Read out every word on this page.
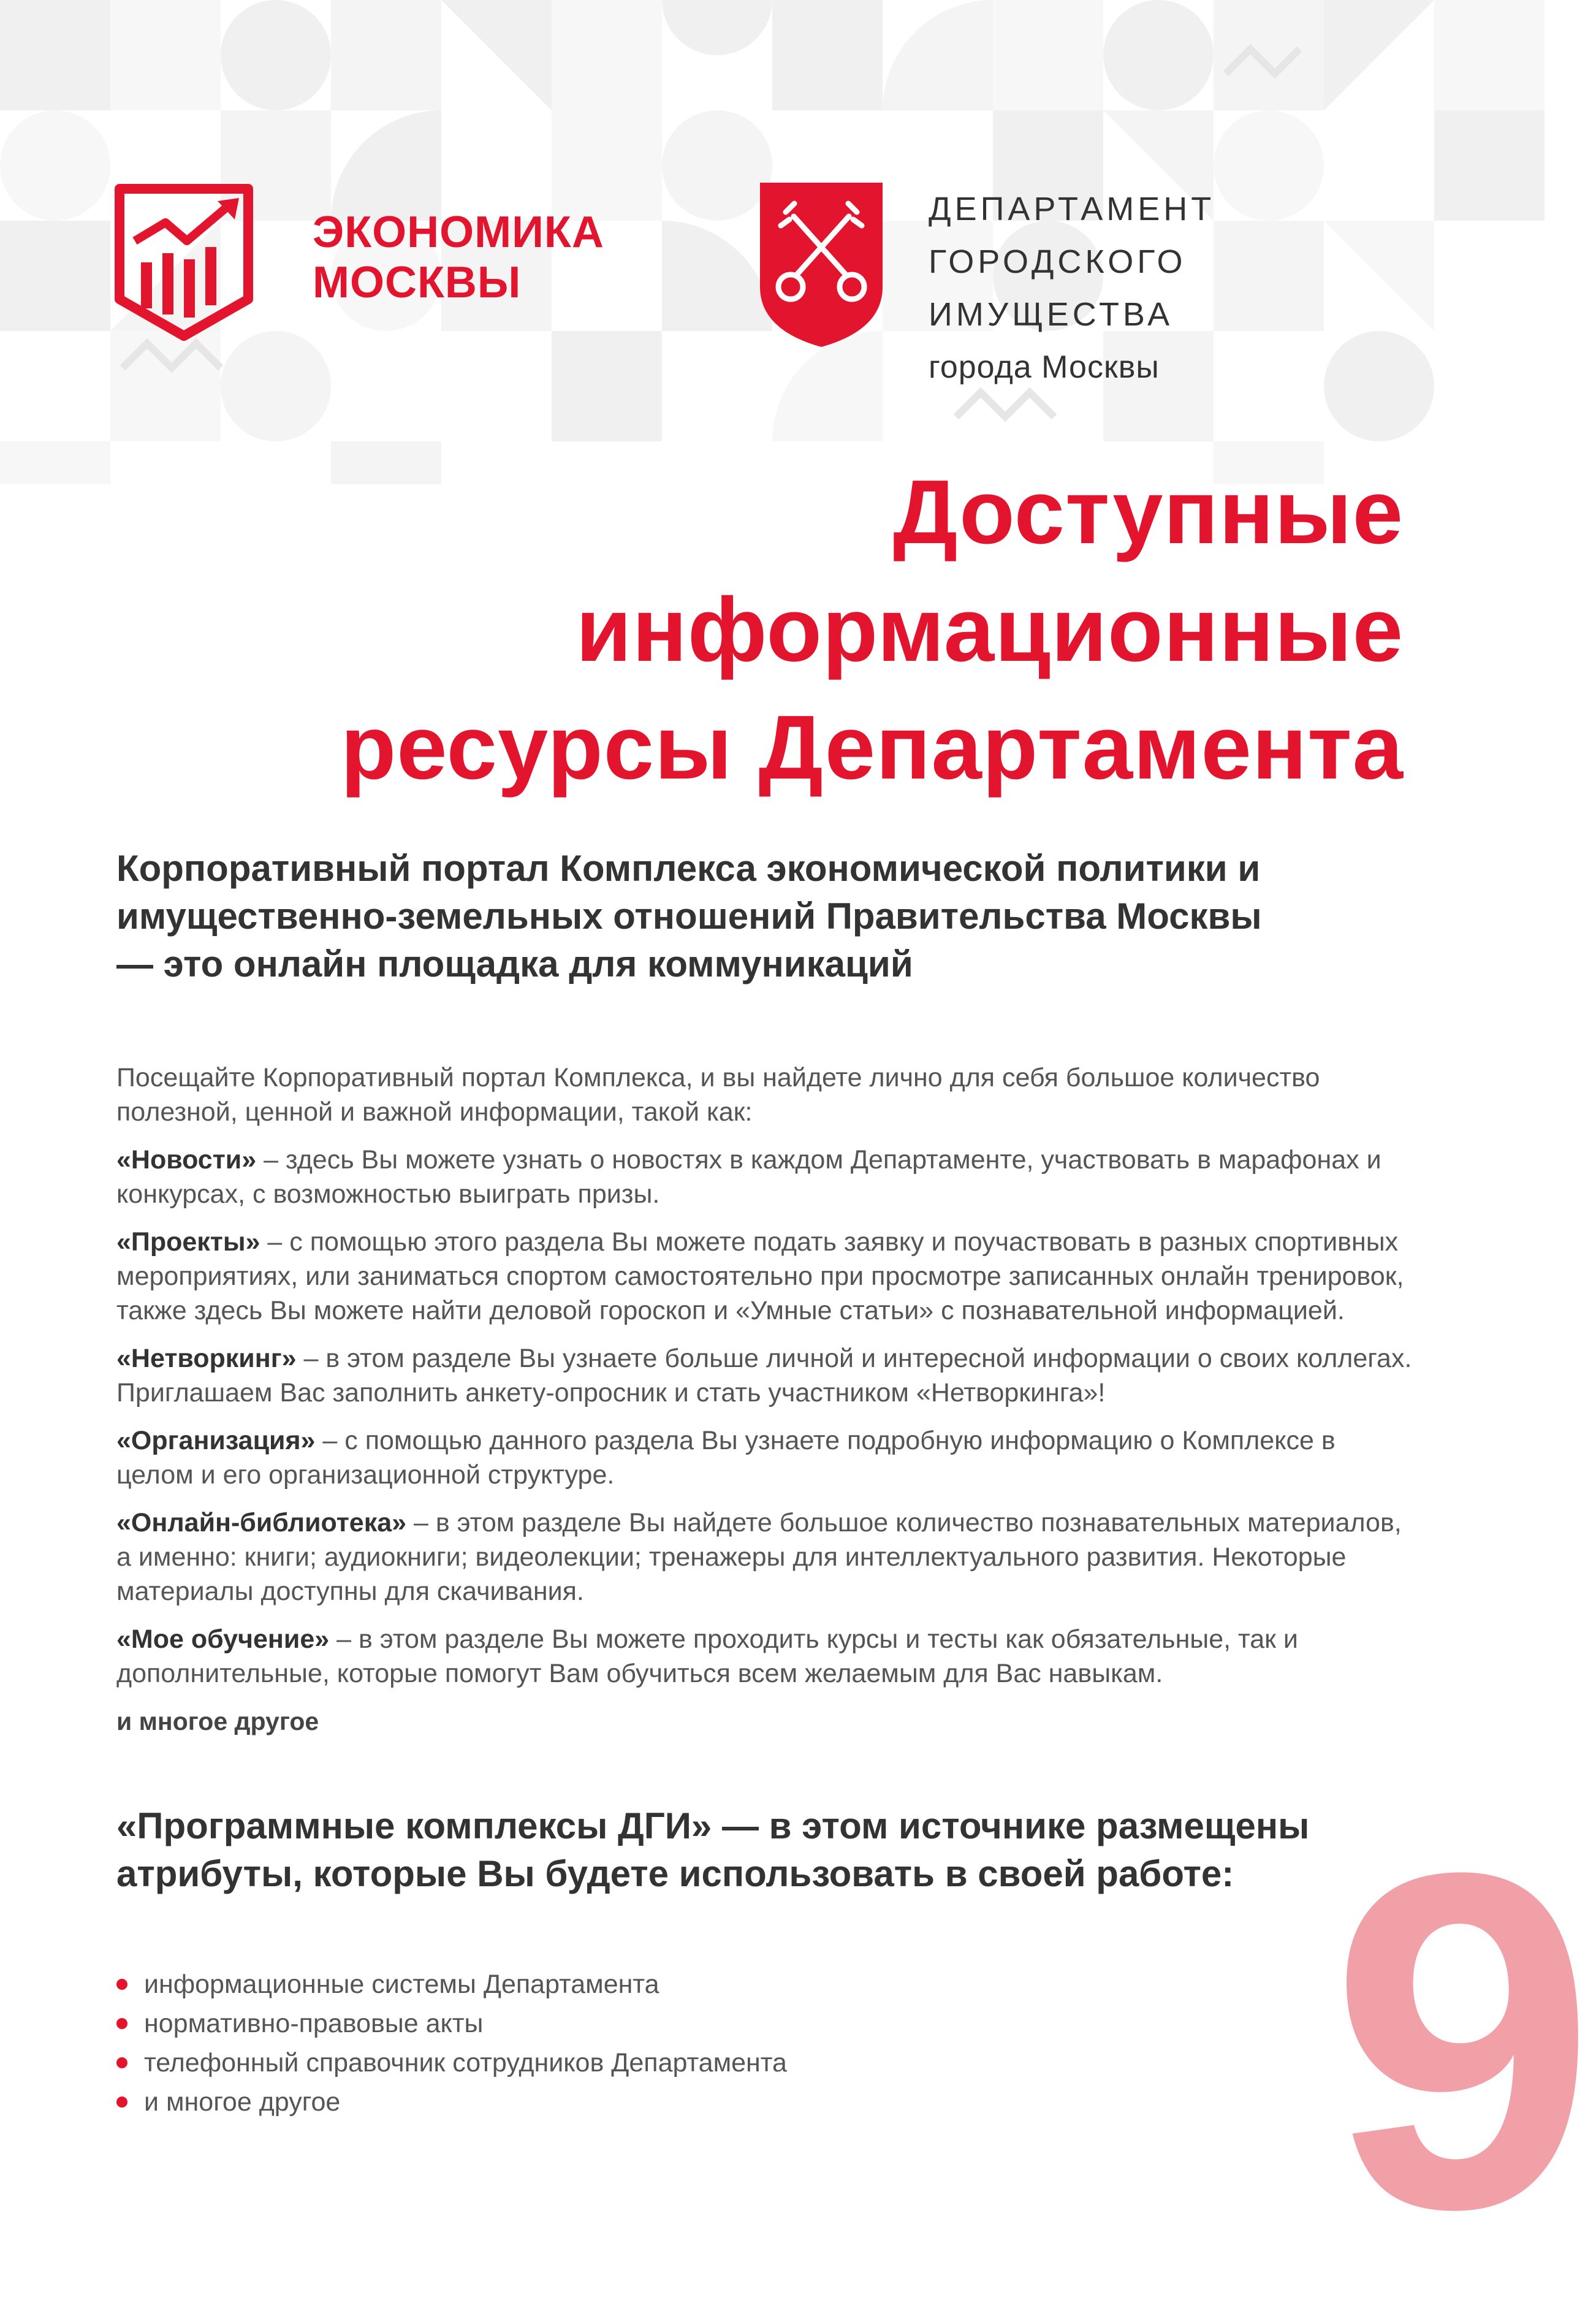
ЭКОНОМИКА
МОСКВЫ
ДЕПАРТАМЕНТ
ГОРОДСКОГО ИМУЩЕСТВА
города Москвы
Доступные
информационные
ресурсы Департамента
Корпоративный портал Комплекса экономической политики и имущественно-земельных отношений Правительства Москвы — это онлайн площадка для коммуникаций

Посещайте Корпоративный портал Комплекса, и вы найдете лично для себя большое количество полезной, ценной и важной информации, такой как:

«Новости» – здесь Вы можете узнать о новостях в каждом Департаменте, участвовать в марафонах и конкурсах, с возможностью выиграть призы.

«Проекты» – с помощью этого раздела Вы можете подать заявку и поучаствовать в разных спортивных мероприятиях, или заниматься спортом самостоятельно при просмотре записанных онлайн тренировок, также здесь Вы можете найти деловой гороскоп и «Умные статьи» с познавательной информацией.

«Нетворкинг» – в этом разделе Вы узнаете больше личной и интересной информации о своих коллегах. Приглашаем Вас заполнить анкету-опросник и стать участником «Нетворкинга»!

«Организация» – с помощью данного раздела Вы узнаете подробную информацию о Комплексе в целом и его организационной структуре.

«Онлайн-библиотека» – в этом разделе Вы найдете большое количество познавательных материалов, а именно: книги; аудиокниги; видеолекции; тренажеры для интеллектуального развития. Некоторые материалы доступны для скачивания.

«Мое обучение» – в этом разделе Вы можете проходить курсы и тесты как обязательные, так и дополнительные, которые помогут Вам обучиться всем желаемым для Вас навыкам.

и многое другое

9
«Программные комплексы ДГИ» — в этом источнике размещены атрибуты, которые Вы будете использовать в своей работе:
информационные системы Департамента
нормативно-правовые акты
телефонный справочник сотрудников Департамента
и многое другое
